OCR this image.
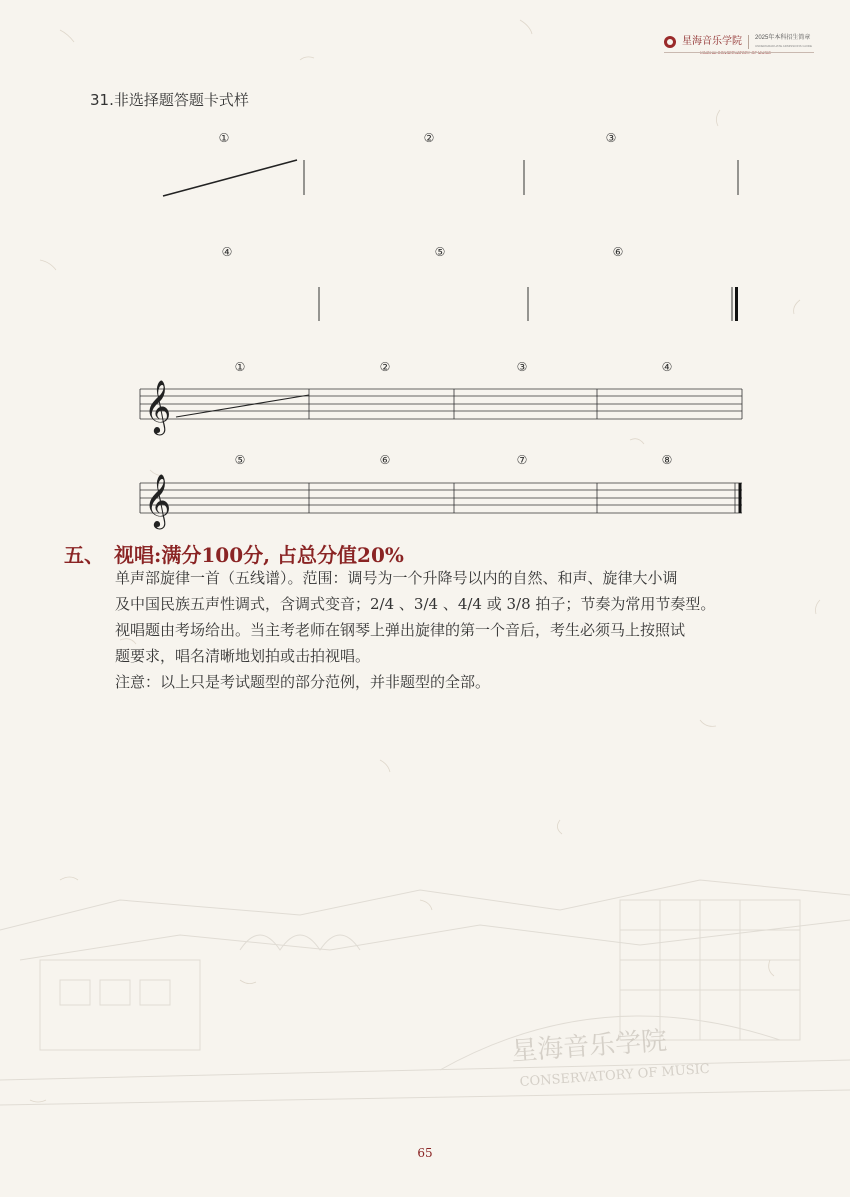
星海音乐学院 2025年本科招生简章
UNDERGRADUATE ADMISSIONS GUIDE
31.非选择题答题卡式样
①	②	③
④	⑤	⑥
①	②	③	④
⑤	⑥	⑦	⑧
𝄞
𝄞
五、 视唱:满分100分, 占总分值20%
单声部旋律一首（五线谱）。范围：调号为一个升降号以内的自然、和声、旋律大小调
及中国民族五声性调式，含调式变音；2/4 、3/4 、4/4 或 3/8 拍子；节奏为常用节奏型。
视唱题由考场给出。当主考老师在钢琴上弹出旋律的第一个音后，考生必须马上按照试
题要求，唱名清晰地划拍或击拍视唱。
注意：以上只是考试题型的部分范例，并非题型的全部。
星海音乐学院
CONSERVATORY OF MUSIC
65
